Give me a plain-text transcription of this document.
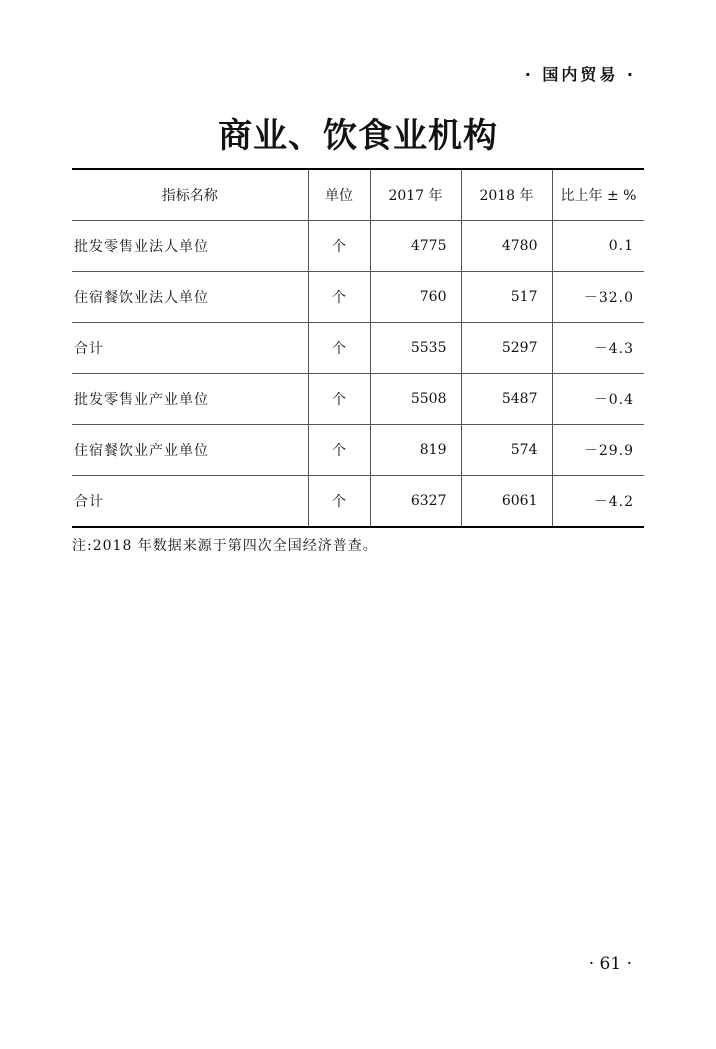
· 国内贸易 ·
商业、饮食业机构
指标名称	单位	2017 年	2018 年	比上年 ± %
批发零售业法人单位	个	4775	4780	0.1
住宿餐饮业法人单位	个	760	517	－32.0
合计	个	5535	5297	－4.3
批发零售业产业单位	个	5508	5487	－0.4
住宿餐饮业产业单位	个	819	574	－29.9
合计	个	6327	6061	－4.2
注:2018 年数据来源于第四次全国经济普查。
· 61 ·
